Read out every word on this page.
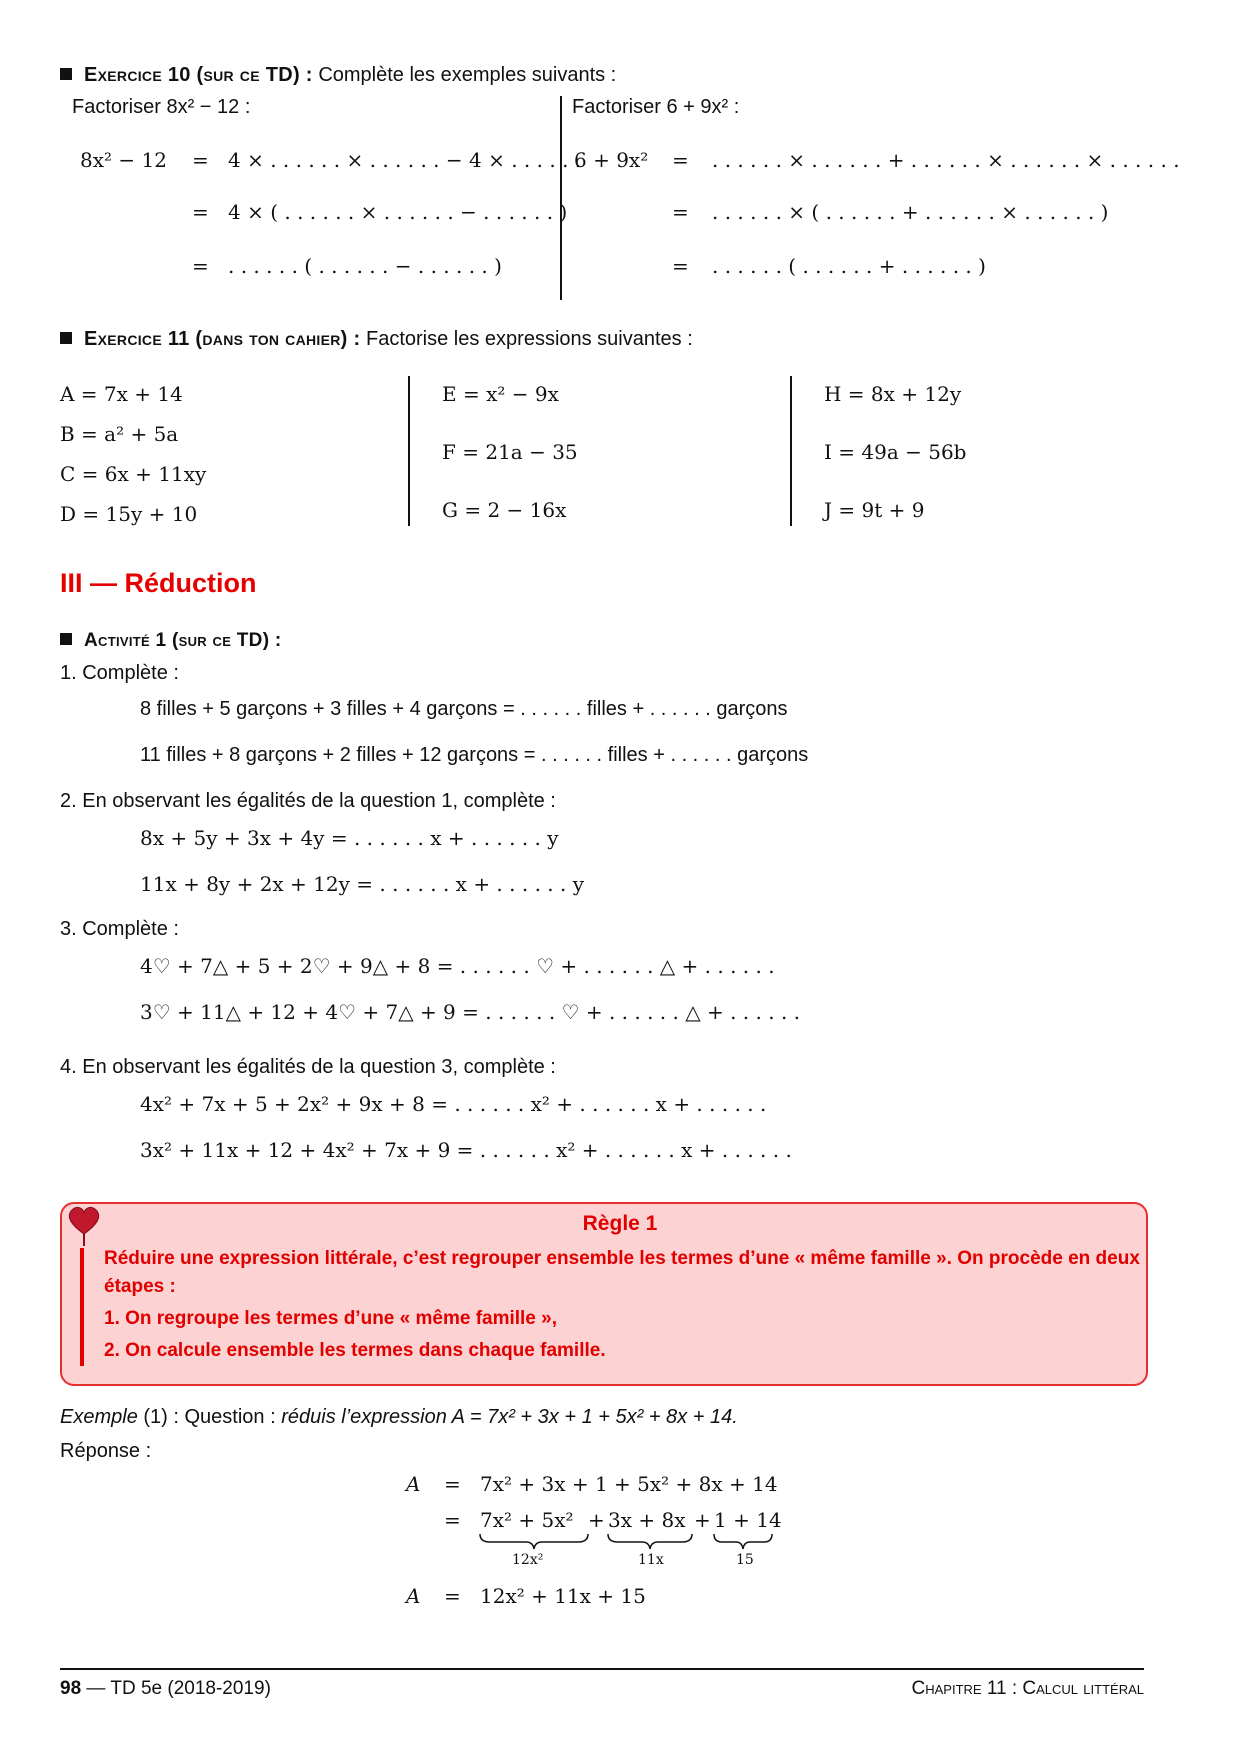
Exercice 10 (sur ce TD) : Complète les exemples suivants :
Factoriser 8x² − 12 :	Factoriser 6 + 9x² :
8x² − 12 = 4 × . . . . . . × . . . . . . − 4 × . . . . . .
= 4 × ( . . . . . . × . . . . . . − . . . . . . )
= . . . . . . ( . . . . . . − . . . . . . )
6 + 9x² = . . . . . . × . . . . . . + . . . . . . × . . . . . . × . . . . . .
= . . . . . . × ( . . . . . . + . . . . . . × . . . . . . )
= . . . . . . ( . . . . . . + . . . . . . )
Exercice 11 (dans ton cahier) : Factorise les expressions suivantes :
A = 7x + 14
B = a² + 5a
C = 6x + 11xy
D = 15y + 10
E = x² − 9x
F = 21a − 35
G = 2 − 16x
H = 8x + 12y
I = 49a − 56b
J = 9t + 9
III — Réduction
Activité 1 (sur ce TD) :
1. Complète :
8 filles + 5 garçons + 3 filles + 4 garçons = . . . . . . filles + . . . . . . garçons
11 filles + 8 garçons + 2 filles + 12 garçons = . . . . . . filles + . . . . . . garçons
2. En observant les égalités de la question 1, complète :
8x + 5y + 3x + 4y = . . . . . . x + . . . . . . y
11x + 8y + 2x + 12y = . . . . . . x + . . . . . . y
3. Complète :
4♡ + 7△ + 5 + 2♡ + 9△ + 8 = . . . . . . ♡ + . . . . . . △ + . . . . . .
3♡ + 11△ + 12 + 4♡ + 7△ + 9 = . . . . . . ♡ + . . . . . . △ + . . . . . .
4. En observant les égalités de la question 3, complète :
4x² + 7x + 5 + 2x² + 9x + 8 = . . . . . . x² + . . . . . . x + . . . . . .
3x² + 11x + 12 + 4x² + 7x + 9 = . . . . . . x² + . . . . . . x + . . . . . .
Règle 1
Réduire une expression littérale, c’est regrouper ensemble les termes d’une « même famille ». On procède en deux
étapes :
1. On regroupe les termes d’une « même famille »,
2. On calcule ensemble les termes dans chaque famille.
Exemple (1) : Question : réduis l’expression A = 7x² + 3x + 1 + 5x² + 8x + 14.
Réponse :
A = 7x² + 3x + 1 + 5x² + 8x + 14
= 7x² + 5x² + 3x + 8x + 1 + 14
12x²	11x	15
A = 12x² + 11x + 15
98 — TD 5e (2018-2019)	Chapitre 11 : Calcul littéral
